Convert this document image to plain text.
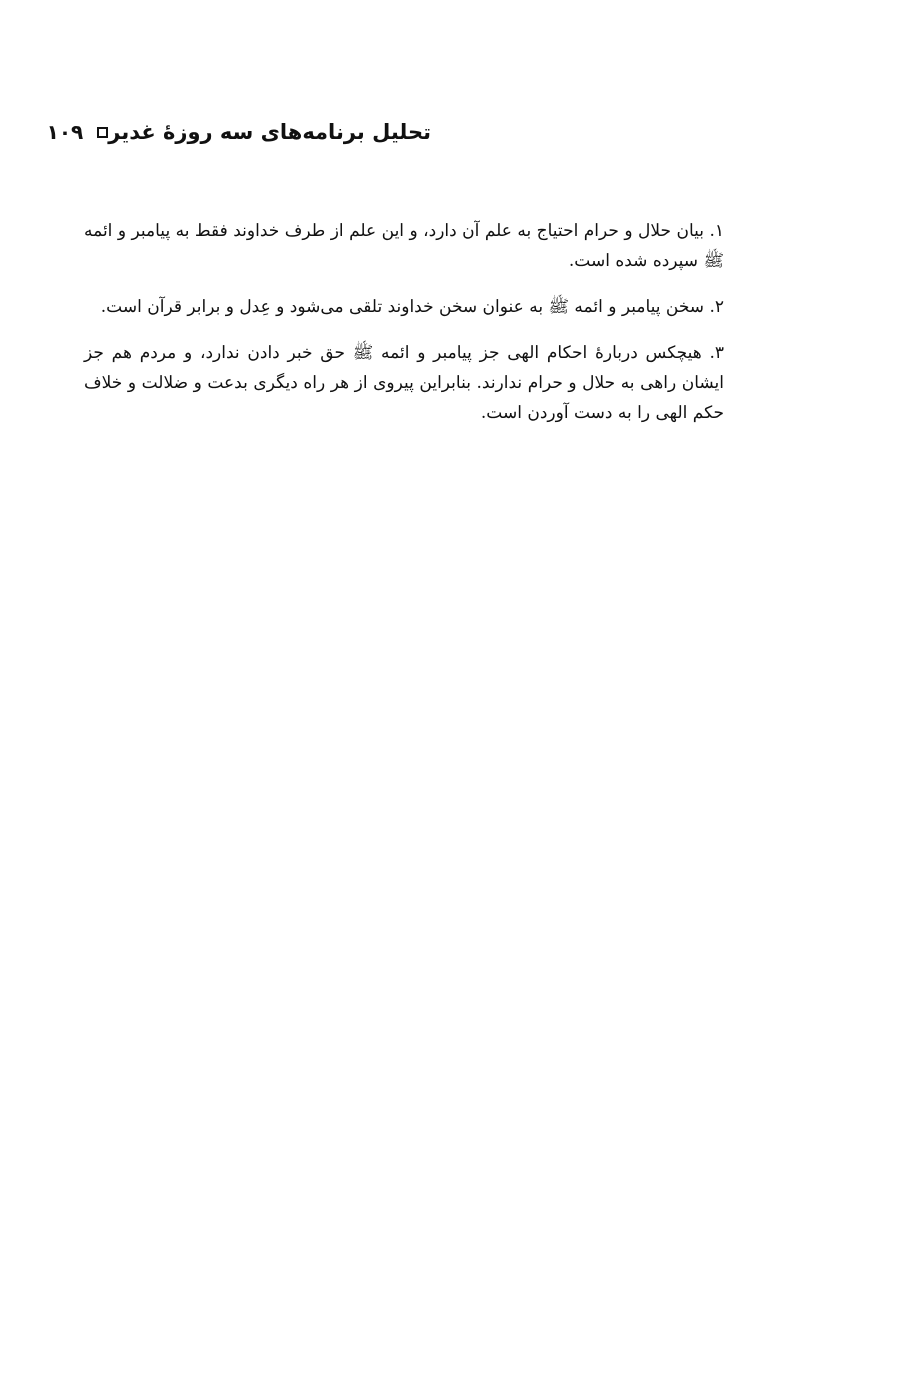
تحلیل برنامه‌های سه روزهٔ غدیر
۱۰۹

۱. بیان حلال و حرام احتیاج به علم آن دارد، و این علم از طرف خداوند فقط به پیامبر و ائمه ﷺ سپرده شده است.

۲. سخن پیامبر و ائمه ﷺ به عنوان سخن خداوند تلقی می‌شود و عِدل و برابر قرآن است.

۳. هیچکس دربارهٔ احکام الهی جز پیامبر و ائمه ﷺ حق خبر دادن ندارد، و مردم هم جز ایشان راهی به حلال و حرام ندارند. بنابراین پیروی از هر راه دیگری بدعت و ضلالت و خلاف حکم الهی را به دست آوردن است.
